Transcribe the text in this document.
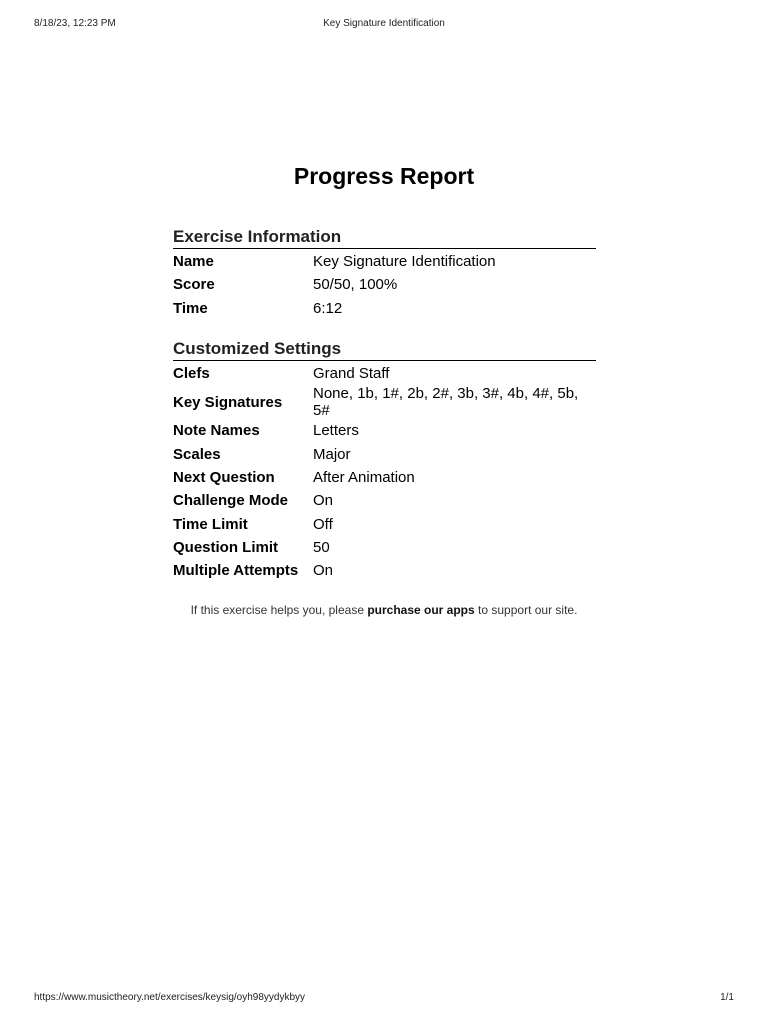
8/18/23, 12:23 PM	Key Signature Identification
Progress Report
Exercise Information
Name	Key Signature Identification
Score	50/50, 100%
Time	6:12
Customized Settings
Clefs	Grand Staff
Key Signatures	None, 1b, 1#, 2b, 2#, 3b, 3#, 4b, 4#, 5b, 5#
Note Names	Letters
Scales	Major
Next Question	After Animation
Challenge Mode	On
Time Limit	Off
Question Limit	50
Multiple Attempts	On

If this exercise helps you, please purchase our apps to support our site.

https://www.musictheory.net/exercises/keysig/oyh98yydykbyy	1/1
